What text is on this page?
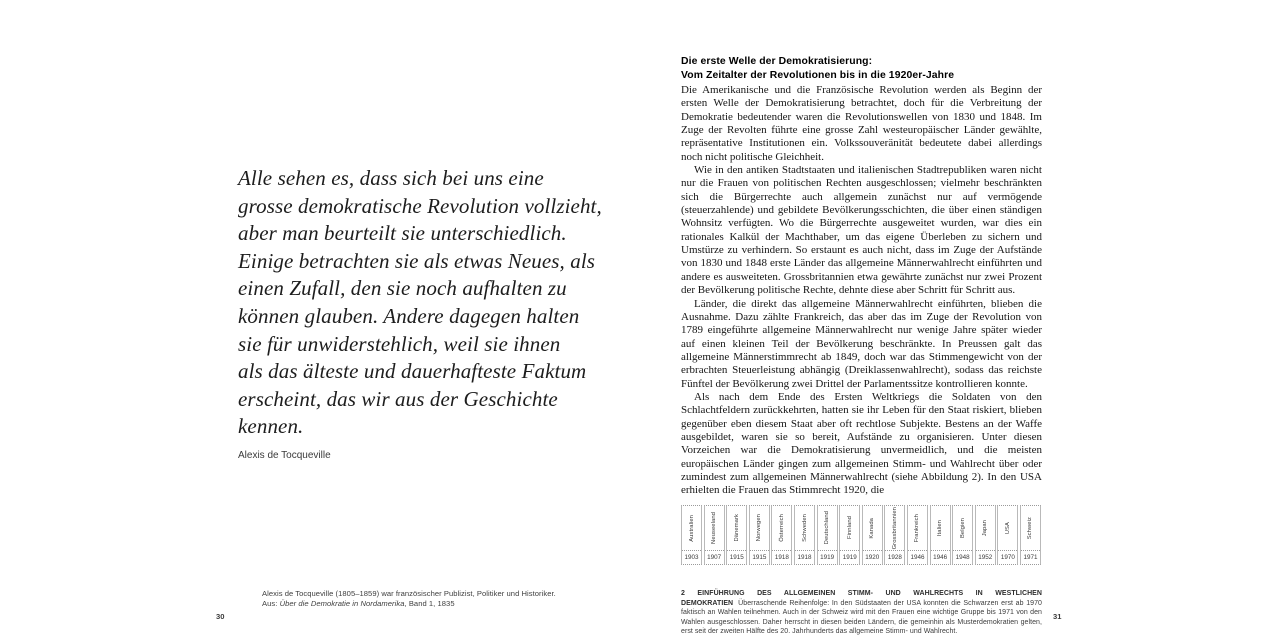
Alle sehen es, dass sich bei uns eine
grosse demokratische Revolution vollzieht,
aber man beurteilt sie unterschiedlich.
Einige betrachten sie als etwas Neues, als
einen Zufall, den sie noch aufhalten zu
können glauben. Andere dagegen halten
sie für unwiderstehlich, weil sie ihnen
als das älteste und dauerhafteste Faktum
erscheint, das wir aus der Geschichte
kennen.
Alexis de Tocqueville
Alexis de Tocqueville (1805–1859) war französischer Publizist, Politiker und Historiker.
Aus: Über die Demokratie in Nordamerika, Band 1, 1835
30
Die erste Welle der Demokratisierung:
Vom Zeitalter der Revolutionen bis in die 1920er-Jahre

Die Amerikanische und die Französische Revolution werden als Beginn der ersten Welle der Demokratisierung betrachtet, doch für die Verbreitung der Demokratie bedeutender waren die Revolutionswellen von 1830 und 1848. Im Zuge der Revolten führte eine grosse Zahl westeuropäischer Länder gewählte, repräsentative Institutionen ein. Volkssouveränität bedeutete dabei allerdings noch nicht politische Gleichheit.

Wie in den antiken Stadtstaaten und italienischen Stadtrepubliken waren nicht nur die Frauen von politischen Rechten ausgeschlossen; vielmehr beschränkten sich die Bürgerrechte auch allgemein zunächst nur auf vermögende (steuerzahlende) und gebildete Bevölkerungsschichten, die über einen ständigen Wohnsitz verfügten. Wo die Bürgerrechte ausgeweitet wurden, war dies ein rationales Kalkül der Machthaber, um das eigene Überleben zu sichern und Umstürze zu verhindern. So erstaunt es auch nicht, dass im Zuge der Aufstände von 1830 und 1848 erste Länder das allgemeine Männerwahlrecht einführten und andere es ausweiteten. Grossbritannien etwa gewährte zunächst nur zwei Prozent der Bevölkerung politische Rechte, dehnte diese aber Schritt für Schritt aus.

Länder, die direkt das allgemeine Männerwahlrecht einführten, blieben die Ausnahme. Dazu zählte Frankreich, das aber das im Zuge der Revolution von 1789 eingeführte allgemeine Männerwahlrecht nur wenige Jahre später wieder auf einen kleinen Teil der Bevölkerung beschränkte. In Preussen galt das allgemeine Männerstimmrecht ab 1849, doch war das Stimmengewicht von der erbrachten Steuerleistung abhängig (Dreiklassenwahlrecht), sodass das reichste Fünftel der Bevölkerung zwei Drittel der Parlamentssitze kontrollieren konnte.

Als nach dem Ende des Ersten Weltkriegs die Soldaten von den Schlachtfeldern zurückkehrten, hatten sie ihr Leben für den Staat riskiert, blieben gegenüber eben diesem Staat aber oft rechtlose Subjekte. Bestens an der Waffe ausgebildet, waren sie so bereit, Aufstände zu organisieren. Unter diesen Vorzeichen war die Demokratisierung unvermeidlich, und die meisten europäischen Länder gingen zum allgemeinen Stimm- und Wahlrecht über oder zumindest zum allgemeinen Männerwahlrecht (siehe Abbildung 2). In den USA erhielten die Frauen das Stimmrecht 1920, die

Australien
1903
Neuseeland
1907
Dänemark
1915
Norwegen
1915
Österreich
1918
Schweden
1918
Deutschland
1919
Finnland
1919
Kanada
1920
Grossbritannien
1928
Frankreich
1946
Italien
1946
Belgien
1948
Japan
1952
USA
1970
Schweiz
1971

2 EINFÜHRUNG DES ALLGEMEINEN STIMM- UND WAHLRECHTS IN WESTLICHEN DEMOKRATIEN Überraschende Reihenfolge: In den Südstaaten der USA konnten die Schwarzen erst ab 1970 faktisch an Wahlen teilnehmen. Auch in der Schweiz wird mit den Frauen eine wichtige Gruppe bis 1971 von den Wahlen ausgeschlossen. Daher herrscht in diesen beiden Ländern, die gemeinhin als Musterdemokratien gelten, erst seit der zweiten Hälfte des 20. Jahrhunderts das allgemeine Stimm- und Wahlrecht.

31
